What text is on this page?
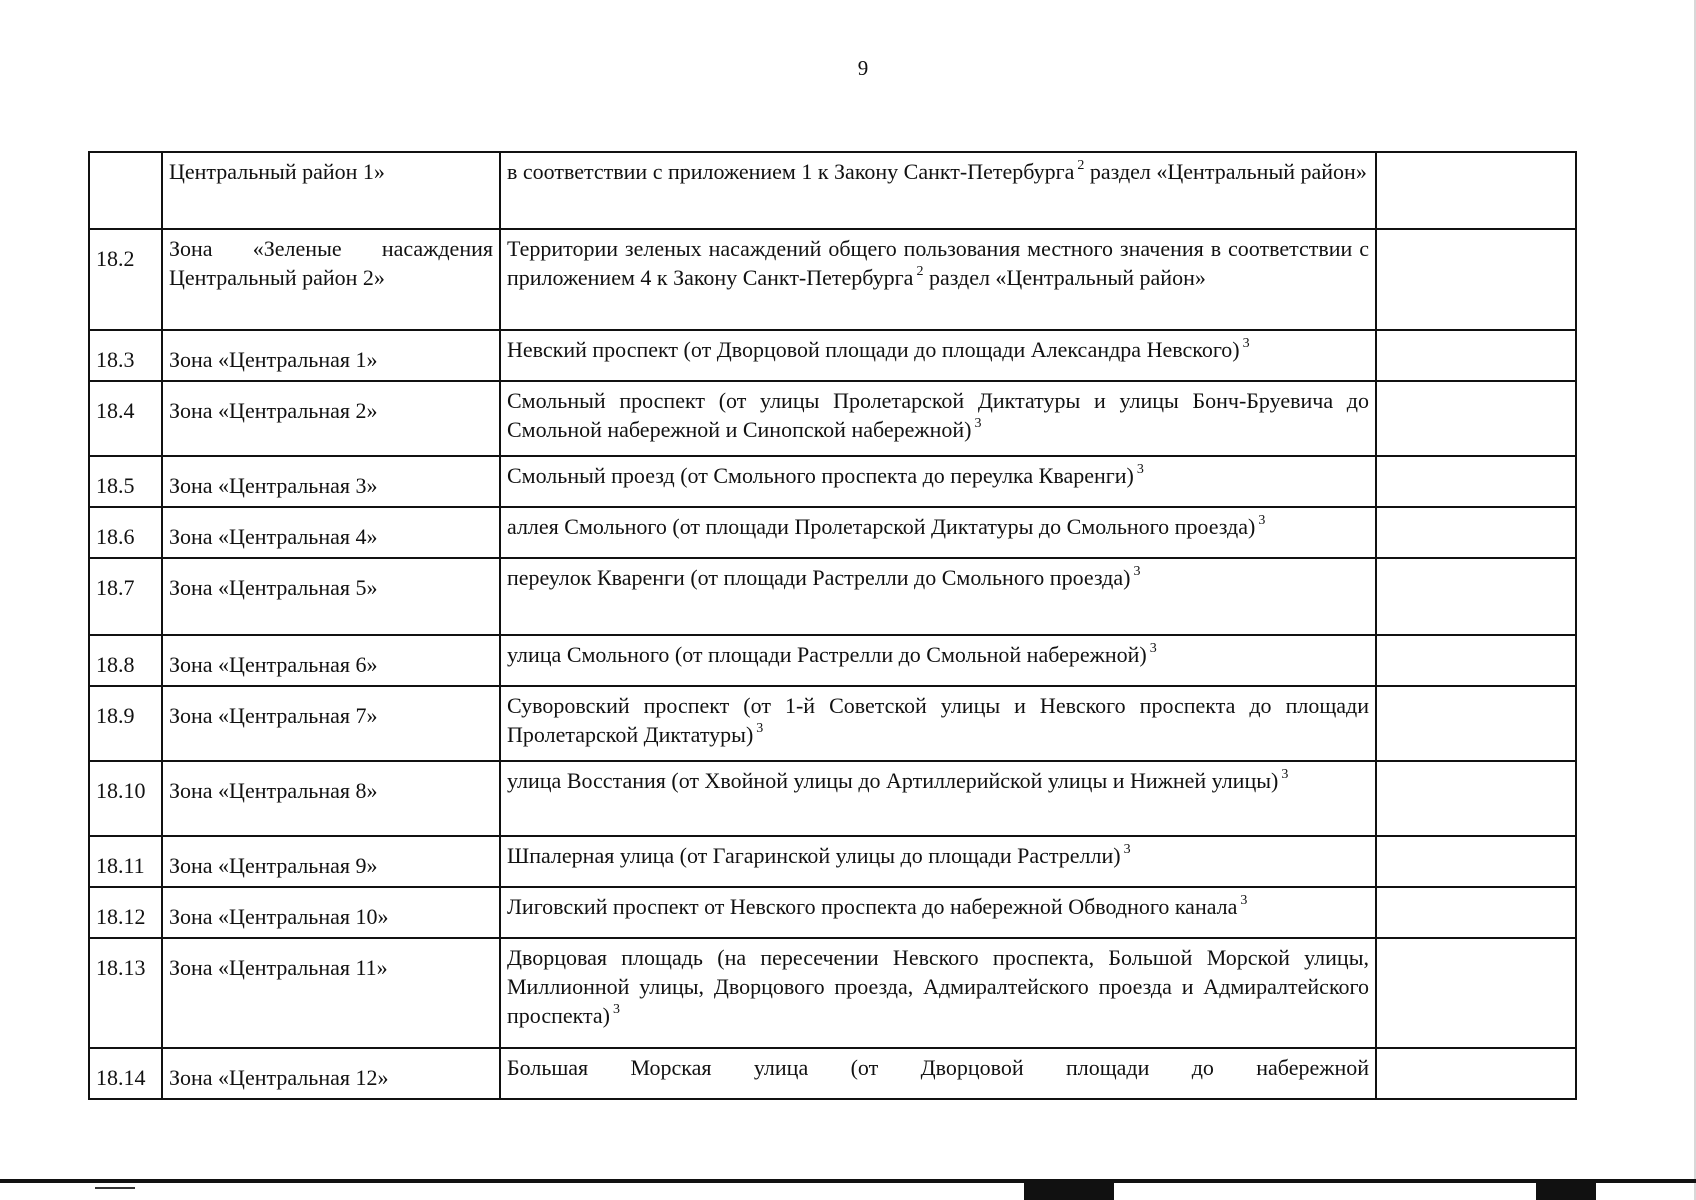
9
	Центральный район 1»	в соответствии с приложением 1 к Закону Санкт-Петербурга $^2$ раздел «Центральный район»	
18.2	Зона «Зеленые насаждения Центральный район 2»	Территории зеленых насаждений общего пользования местного значения в соответствии с приложением 4 к Закону Санкт-Петербурга $^2$ раздел «Центральный район»	
18.3	Зона «Центральная 1»	Невский проспект (от Дворцовой площади до площади Александра Невского) $^3$	
18.4	Зона «Центральная 2»	Смольный проспект (от улицы Пролетарской Диктатуры и улицы Бонч-Бруевича до Смольной набережной и Синопской набережной) $^3$	
18.5	Зона «Центральная 3»	Смольный проезд (от Смольного проспекта до переулка Кваренги) $^3$	
18.6	Зона «Центральная 4»	аллея Смольного (от площади Пролетарской Диктатуры до Смольного проезда) $^3$	
18.7	Зона «Центральная 5»	переулок Кваренги (от площади Растрелли до Смольного проезда) $^3$	
18.8	Зона «Центральная 6»	улица Смольного (от площади Растрелли до Смольной набережной) $^3$	
18.9	Зона «Центральная 7»	Суворовский проспект (от 1-й Советской улицы и Невского проспекта до площади Пролетарской Диктатуры) $^3$	
18.10	Зона «Центральная 8»	улица Восстания (от Хвойной улицы до Артиллерийской улицы и Нижней улицы) $^3$	
18.11	Зона «Центральная 9»	Шпалерная улица (от Гагаринской улицы до площади Растрелли) $^3$	
18.12	Зона «Центральная 10»	Лиговский проспект от Невского проспекта до набережной Обводного канала $^3$	
18.13	Зона «Центральная 11»	Дворцовая площадь (на пересечении Невского проспекта, Большой Морской улицы, Миллионной улицы, Дворцового проезда, Адмиралтейского проезда и Адмиралтейского проспекта) $^3$	
18.14	Зона «Центральная 12»	Большая Морская улица (от Дворцовой площади до набережной	
